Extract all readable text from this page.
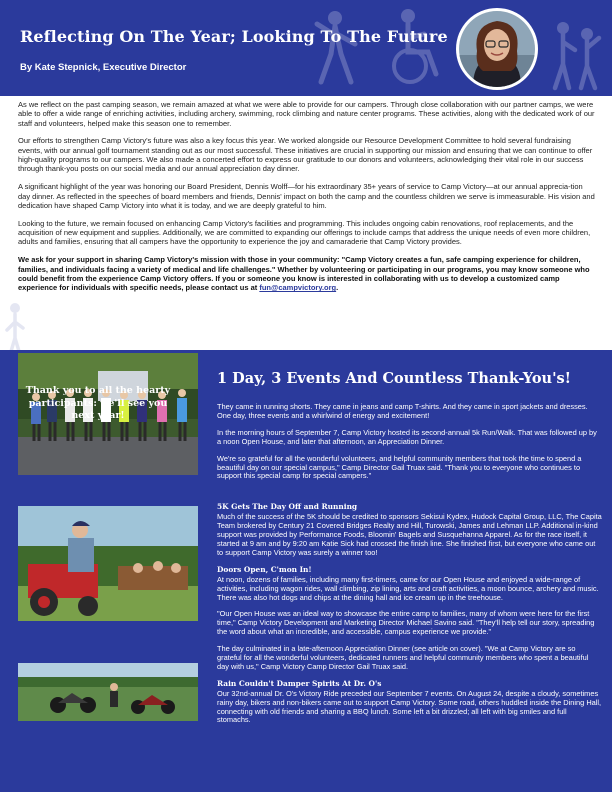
Reflecting On The Year; Looking To The Future
By Kate Stepnick, Executive Director

As we reflect on the past camping season, we remain amazed at what we were able to provide for our campers. Through close collaboration with our partner camps, we were able to offer a wide range of enriching activities, including archery, swimming, rock climbing and nature center programs. These activities, along with the dedicated work of our staff and volunteers, helped make this season one to remember.

Our efforts to strengthen Camp Victory's future was also a key focus this year. We worked alongside our Resource Development Committee to hold several fundraising events, with our annual golf tournament standing out as our most successful. These initiatives are crucial in supporting our mission and ensuring that we can continue to offer high-quality programs to our campers. We also made a concerted effort to express our gratitude to our donors and volunteers, acknowledging their vital role in our success through thank-you posts on our social media and our annual appreciation day dinner.

A significant highlight of the year was honoring our Board President, Dennis Wolff—for his extraordinary 35+ years of service to Camp Victory—at our annual apprecia-tion day dinner. As reflected in the speeches of board members and friends, Dennis' impact on both the camp and the countless children we serve is immeasurable. His vision and dedication have shaped Camp Victory into what it is today, and we are deeply grateful to him.

Looking to the future, we remain focused on enhancing Camp Victory's facilities and programming. This includes ongoing cabin renovations, roof replacements, and the acquisition of new equipment and supplies. Additionally, we are committed to expanding our offerings to include camps that address the unique needs of even more children, adults and families, ensuring that all campers have the opportunity to experience the joy and camaraderie that Camp Victory provides.

We ask for your support in sharing Camp Victory's mission with those in your community: "Camp Victory creates a fun, safe camping experience for children, families, and individuals facing a variety of medical and life challenges." Whether by volunteering or participating in our programs, you may know someone who could benefit from the experience Camp Victory offers. If you or someone you know is interested in collaborating with us to develop a customized camp experience for individuals with specific needs, please contact us at fun@campvictory.org.

1 Day, 3 Events And Countless Thank-You's!

They came in running shorts. They came in jeans and camp T-shirts. And they came in sport jackets and dresses. One day, three events and a whirlwind of energy and excitement!

In the morning hours of September 7, Camp Victory hosted its second-annual 5k Run/Walk. That was followed up by a noon Open House, and later that afternoon, an Appreciation Dinner.

We're so grateful for all the wonderful volunteers, and helpful community members that took the time to spend a beautiful day on our special campus," Camp Director Gail Truax said. "Thank you to everyone who continues to support this special camp for special campers."

5K Gets The Day Off and Running

Much of the success of the 5K should be credited to sponsors Sekisui Kydex, Hudock Capital Group, LLC, The Capita Team brokered by Century 21 Covered Bridges Realty and Hill, Turowski, James and Lehman LLP. Additional in-kind support was provided by Performance Foods, Bloomin' Bagels and Susquehanna Apparel. As for the race itself, it started at 9 am and by 9:20 am Katie Sick had crossed the finish line. She finished first, but everyone who came out to support Camp Victory was surely a winner too!

Doors Open, C'mon In!

At noon, dozens of families, including many first-timers, came for our Open House and enjoyed a wide-range of activities, including wagon rides, wall climbing, zip lining, arts and craft activities, a moon bounce, archery and music. There was also hot dogs and chips at the dining hall and ice cream up in the treehouse.

"Our Open House was an ideal way to showcase the entire camp to families, many of whom were here for the first time," Camp Victory Development and Marketing Director Michael Savino said. "They'll help tell our story, spreading the word about what an incredible, and accessible, campus experience we provide."

The day culminated in a late-afternoon Appreciation Dinner (see article on cover). "We at Camp Victory are so grateful for all the wonderful volunteers, dedicated runners and helpful community members who spent a beautiful day with us," Camp Victory Camp Director Gail Truax said.

Rain Couldn't Damper Spirits At Dr. O's

Our 32nd-annual Dr. O's Victory Ride preceded our September 7 events. On August 24, despite a cloudy, sometimes rainy day, bikers and non-bikers came out to support Camp Victory. Some road, others huddled inside the Dining Hall, connecting with old friends and sharing a BBQ lunch. Some left a bit drizzled; all left with big smiles and full stomachs.

Thank you to all the hearty participants: we'll see you next year!
